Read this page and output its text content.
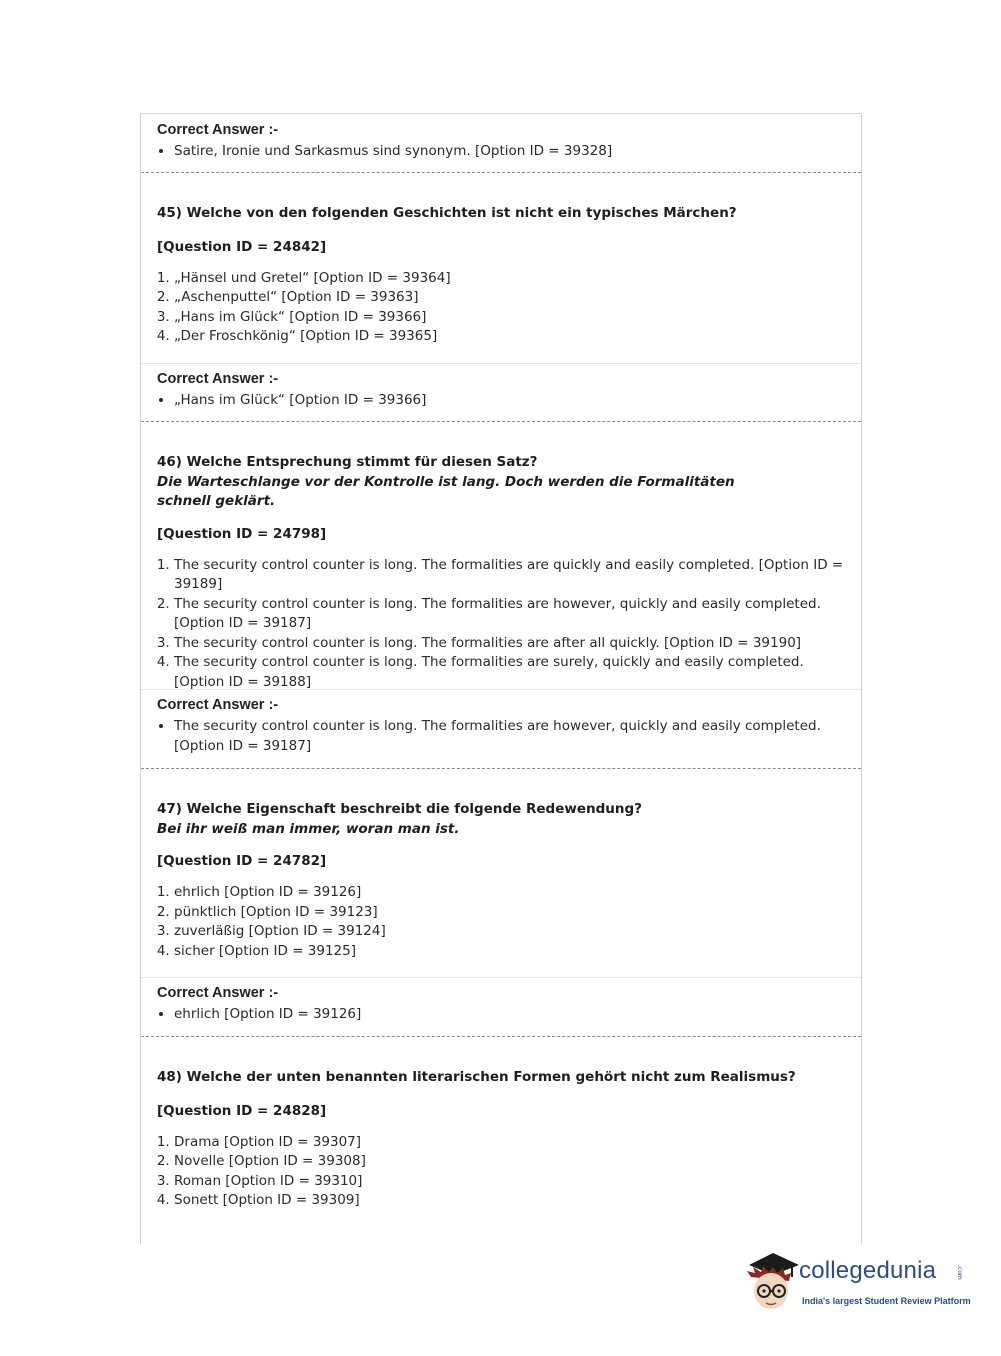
Correct Answer :-
• Satire, Ironie und Sarkasmus sind synonym. [Option ID = 39328]
45) Welche von den folgenden Geschichten ist nicht ein typisches Märchen?
[Question ID = 24842]
1. „Hänsel und Gretel“ [Option ID = 39364]
2. „Aschenputtel“ [Option ID = 39363]
3. „Hans im Glück“ [Option ID = 39366]
4. „Der Froschkönig“ [Option ID = 39365]
Correct Answer :-
• „Hans im Glück“ [Option ID = 39366]
46) Welche Entsprechung stimmt für diesen Satz?
Die Warteschlange vor der Kontrolle ist lang. Doch werden die Formalitäten
schnell geklärt.
[Question ID = 24798]
1. The security control counter is long. The formalities are quickly and easily completed. [Option ID = 39189]
2. The security control counter is long. The formalities are however, quickly and easily completed. [Option ID = 39187]
3. The security control counter is long. The formalities are after all quickly. [Option ID = 39190]
4. The security control counter is long. The formalities are surely, quickly and easily completed. [Option ID = 39188]
Correct Answer :-
• The security control counter is long. The formalities are however, quickly and easily completed. [Option ID = 39187]
47) Welche Eigenschaft beschreibt die folgende Redewendung?
Bei ihr weiß man immer, woran man ist.
[Question ID = 24782]
1. ehrlich [Option ID = 39126]
2. pünktlich [Option ID = 39123]
3. zuverläßig [Option ID = 39124]
4. sicher [Option ID = 39125]
Correct Answer :-
• ehrlich [Option ID = 39126]
48) Welche der unten benannten literarischen Formen gehört nicht zum Realismus?
[Question ID = 24828]
1. Drama [Option ID = 39307]
2. Novelle [Option ID = 39308]
3. Roman [Option ID = 39310]
4. Sonett [Option ID = 39309]
collegedunia	.com
India's largest Student Review Platform
